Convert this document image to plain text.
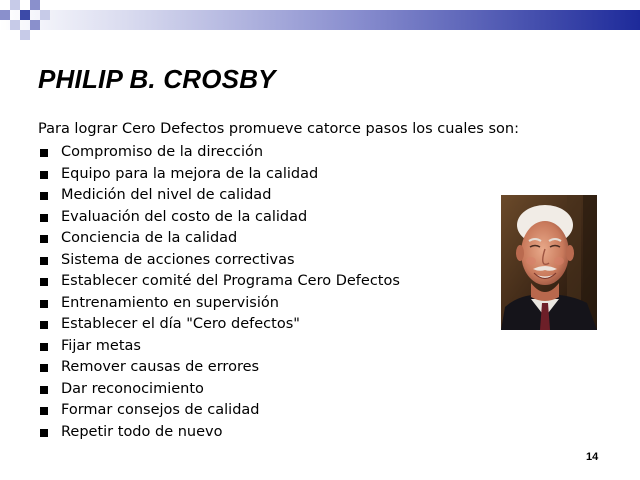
PHILIP B. CROSBY

Para lograr Cero Defectos promueve catorce pasos los cuales son:

Compromiso de la dirección
Equipo para la mejora de la calidad
Medición del nivel de calidad
Evaluación del costo de la calidad
Conciencia de la calidad
Sistema de acciones correctivas
Establecer comité del Programa Cero Defectos
Entrenamiento en supervisión
Establecer el día "Cero defectos"
Fijar metas
Remover causas de errores
Dar reconocimiento
Formar consejos de calidad
Repetir todo de nuevo
14
